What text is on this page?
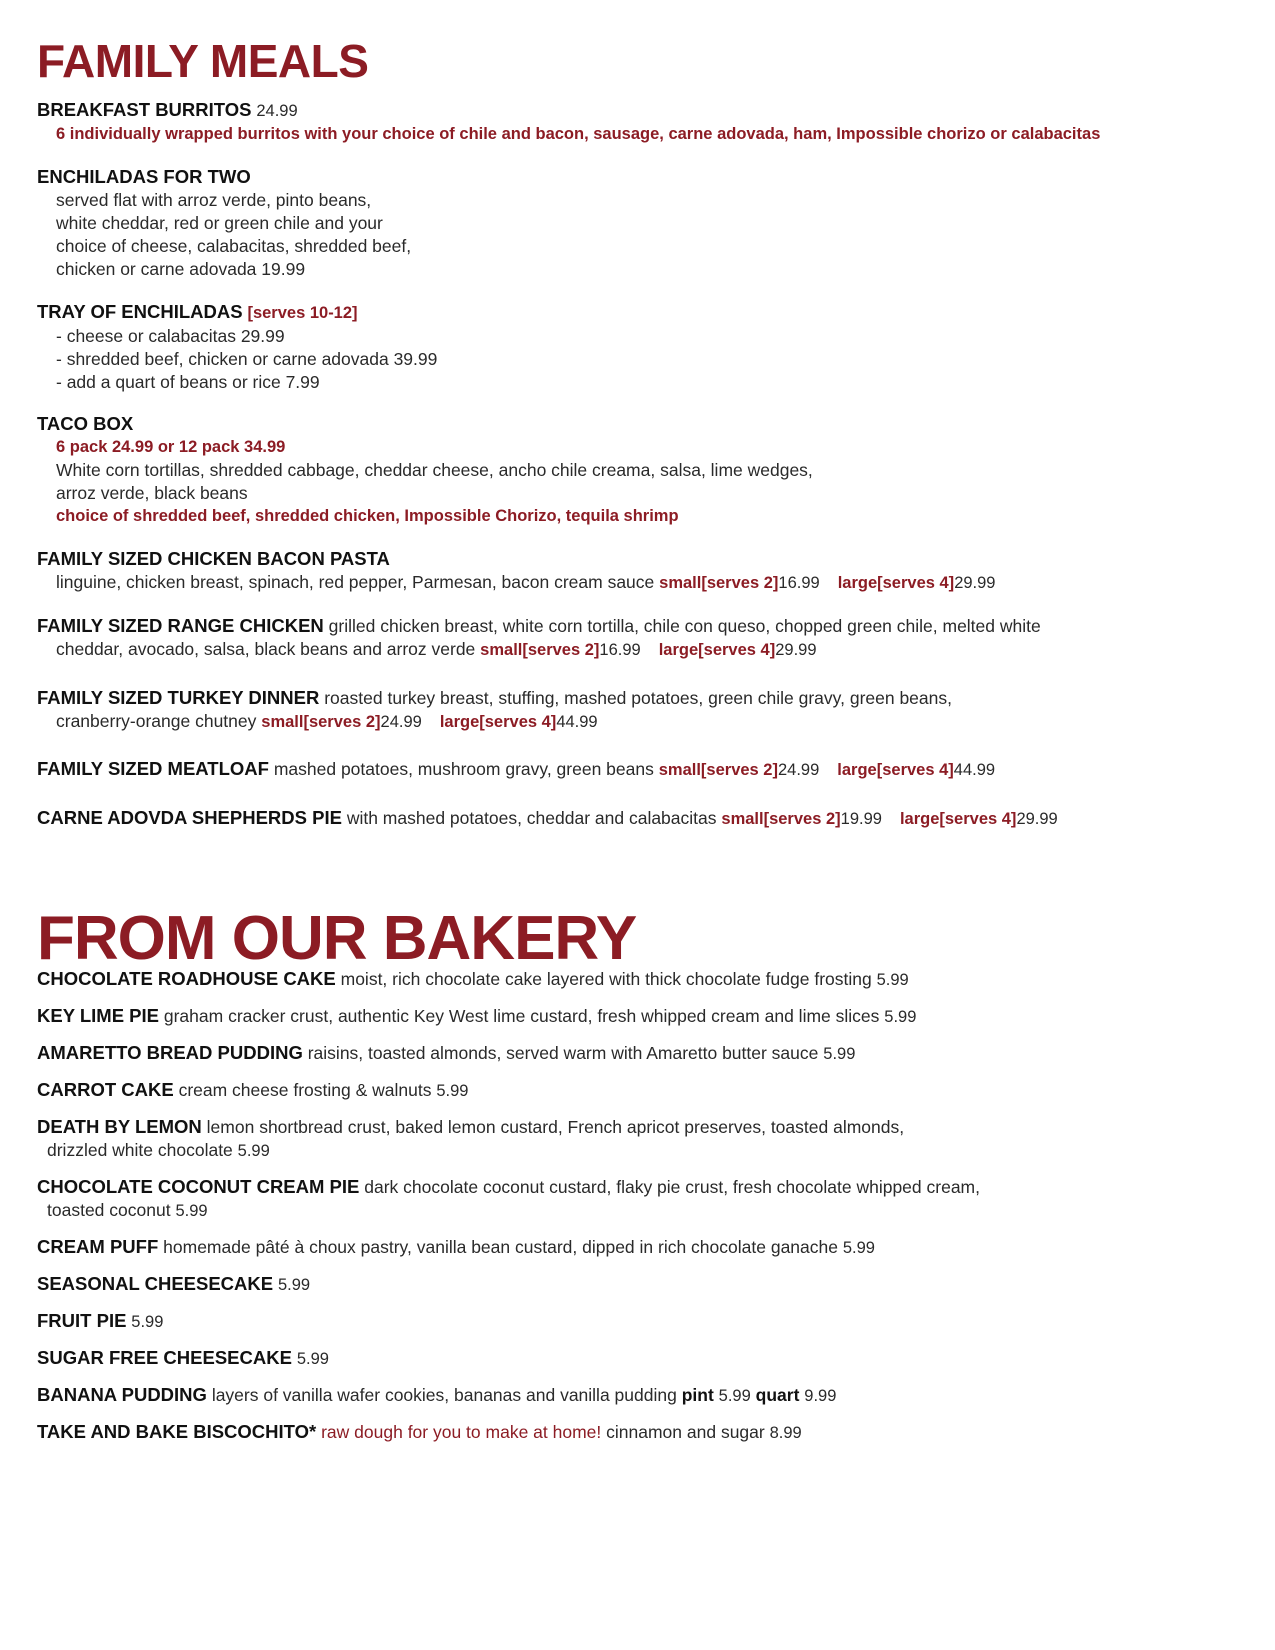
FAMILY MEALS
BREAKFAST BURRITOS 24.99
6 individually wrapped burritos with your choice of chile and bacon, sausage, carne adovada, ham, Impossible chorizo or calabacitas
ENCHILADAS FOR TWO
served flat with arroz verde, pinto beans,
white cheddar, red or green chile and your
choice of cheese, calabacitas, shredded beef,
chicken or carne adovada 19.99
TRAY OF ENCHILADAS [serves 10-12]
- cheese or calabacitas 29.99
- shredded beef, chicken or carne adovada 39.99
- add a quart of beans or rice 7.99
TACO BOX
6 pack 24.99 or 12 pack 34.99
White corn tortillas, shredded cabbage, cheddar cheese, ancho chile creama, salsa, lime wedges,
arroz verde, black beans
choice of shredded beef, shredded chicken, Impossible Chorizo, tequila shrimp
FAMILY SIZED CHICKEN BACON PASTA
linguine, chicken breast, spinach, red pepper, Parmesan, bacon cream sauce small[serves 2]16.99 large[serves 4]29.99
FAMILY SIZED RANGE CHICKEN grilled chicken breast, white corn tortilla, chile con queso, chopped green chile, melted white
cheddar, avocado, salsa, black beans and arroz verde small[serves 2]16.99 large[serves 4]29.99
FAMILY SIZED TURKEY DINNER roasted turkey breast, stuffing, mashed potatoes, green chile gravy, green beans,
cranberry-orange chutney small[serves 2]24.99 large[serves 4]44.99
FAMILY SIZED MEATLOAF mashed potatoes, mushroom gravy, green beans small[serves 2]24.99 large[serves 4]44.99
CARNE ADOVDA SHEPHERDS PIE with mashed potatoes, cheddar and calabacitas small[serves 2]19.99 large[serves 4]29.99
FROM OUR BAKERY
CHOCOLATE ROADHOUSE CAKE moist, rich chocolate cake layered with thick chocolate fudge frosting 5.99
KEY LIME PIE graham cracker crust, authentic Key West lime custard, fresh whipped cream and lime slices 5.99
AMARETTO BREAD PUDDING raisins, toasted almonds, served warm with Amaretto butter sauce 5.99
CARROT CAKE cream cheese frosting & walnuts 5.99
DEATH BY LEMON lemon shortbread crust, baked lemon custard, French apricot preserves, toasted almonds,
drizzled white chocolate 5.99
CHOCOLATE COCONUT CREAM PIE dark chocolate coconut custard, flaky pie crust, fresh chocolate whipped cream,
toasted coconut 5.99
CREAM PUFF homemade pâté à choux pastry, vanilla bean custard, dipped in rich chocolate ganache 5.99
SEASONAL CHEESECAKE 5.99
FRUIT PIE 5.99
SUGAR FREE CHEESECAKE 5.99
BANANA PUDDING layers of vanilla wafer cookies, bananas and vanilla pudding pint 5.99 quart 9.99
TAKE AND BAKE BISCOCHITO* raw dough for you to make at home! cinnamon and sugar 8.99
